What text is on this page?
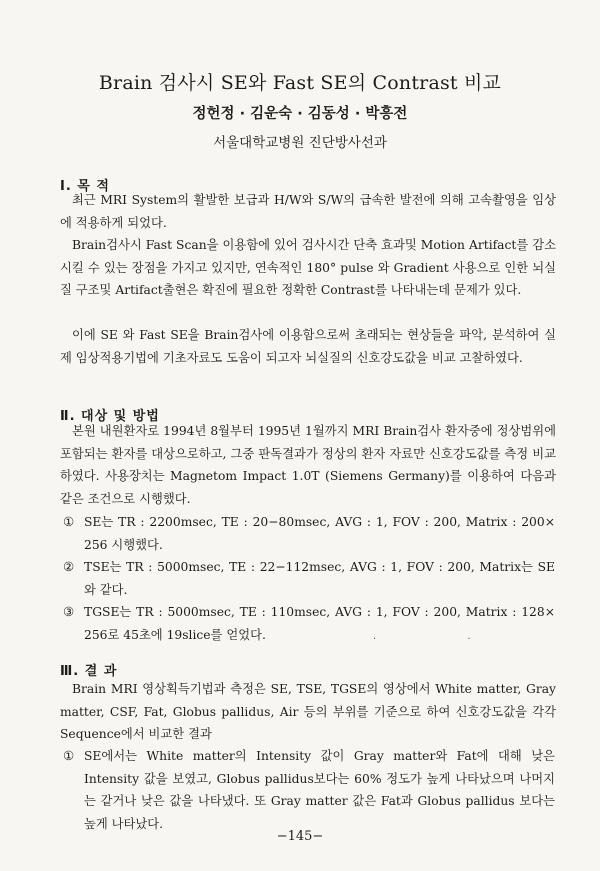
Brain 검사시 SE와 Fast SE의 Contrast 비교
정헌정 · 김운숙 · 김동성 · 박흥전
서울대학교병원 진단방사선과
Ⅰ. 목 적

최근 MRI System의 활발한 보급과 H/W와 S/W의 급속한 발전에 의해 고속촬영을 임상에 적용하게 되었다.

Brain검사시 Fast Scan을 이용함에 있어 검사시간 단축 효과및 Motion Artifact를 감소시킬 수 있는 장점을 가지고 있지만, 연속적인 180° pulse 와 Gradient 사용으로 인한 뇌실질 구조및 Artifact출현은 확진에 필요한 정확한 Contrast를 나타내는데 문제가 있다.

이에 SE 와 Fast SE을 Brain검사에 이용함으로써 초래되는 현상들을 파악, 분석하여 실제 임상적용기법에 기초자료도 도움이 되고자 뇌실질의 신호강도값을 비교 고찰하였다.

Ⅱ. 대상 및 방법

본원 내원환자로 1994년 8월부터 1995년 1월까지 MRI Brain검사 환자중에 정상범위에 포함되는 환자를 대상으로하고, 그중 판독결과가 정상의 환자 자료만 신호강도값를 측정 비교하였다. 사용장치는 Magnetom Impact 1.0T (Siemens Germany)를 이용하여 다음과 같은 조건으로 시행했다.

① SE는 TR : 2200msec, TE : 20−80msec, AVG : 1, FOV : 200, Matrix : 200× 256 시행했다.
② TSE는 TR : 5000msec, TE : 22−112msec, AVG : 1, FOV : 200, Matrix는 SE와 같다.
③ TGSE는 TR : 5000msec, TE : 110msec, AVG : 1, FOV : 200, Matrix : 128× 256로 45초에 19slice를 얻었다.	· ·
Ⅲ. 결 과

Brain MRI 영상획득기법과 측정은 SE, TSE, TGSE의 영상에서 White matter, Gray matter, CSF, Fat, Globus pallidus, Air 등의 부위를 기준으로 하여 신호강도값을 각각 Sequence에서 비교한 결과

① SE에서는 White matter의 Intensity 값이 Gray matter와 Fat에 대해 낮은 Intensity 값을 보였고, Globus pallidus보다는 60% 정도가 높게 나타났으며 나머지는 같거나 낮은 값을 나타냈다. 또 Gray matter 값은 Fat과 Globus pallidus 보다는 높게 나타났다.
−145−
